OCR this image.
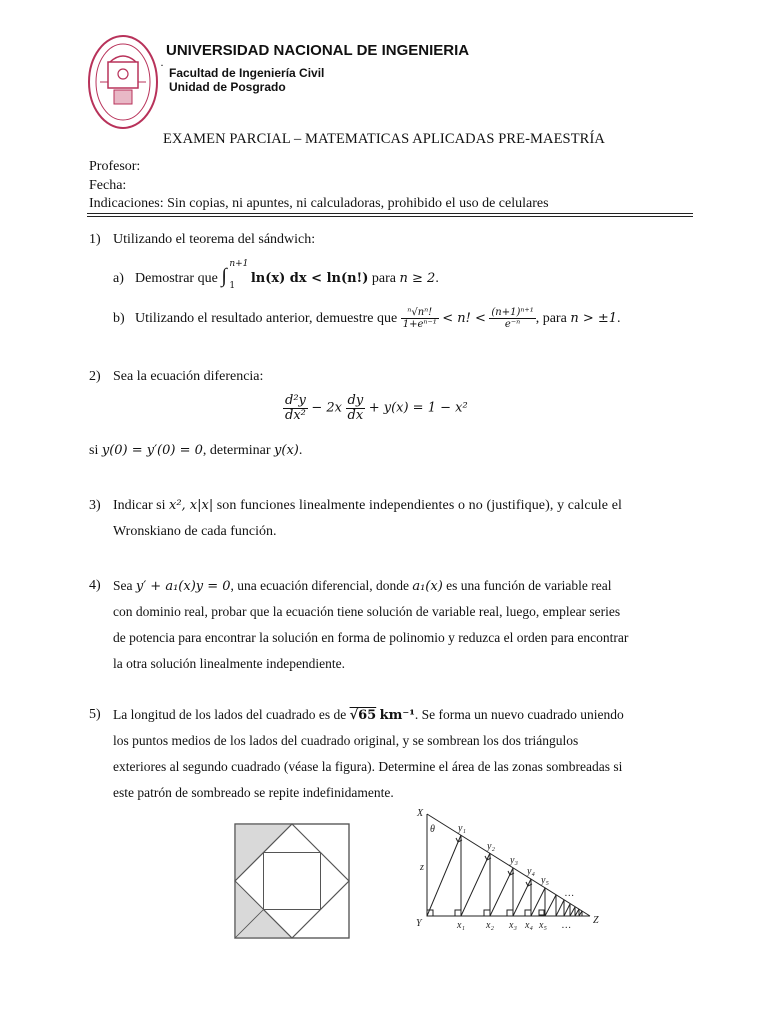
UNIVERSIDAD NACIONAL DE INGENIERIA
·
Facultad de Ingeniería Civil
Unidad de Posgrado
EXAMEN PARCIAL – MATEMATICAS APLICADAS PRE-MAESTRÍA
Profesor:
Fecha:
Indicaciones: Sin copias, ni apuntes, ni calculadoras, prohibido el uso de celulares
1) Utilizando el teorema del sándwich:
a) Demostrar que ∫
n+1
1 ln(x) dx < ln(n!) para n ≥ 2.
b) Utilizando el resultado anterior, demuestre que $\frac{\text{ⁿ√nⁿ!}}{\text{1+eⁿ⁻¹}} < n$! < $\frac{\text{(n+1)ⁿ⁺¹}}{\text{e⁻ⁿ}}$ , para n > ±1.
2) Sea la ecuación diferencia:
$\frac{\text{d²y}}{\text{dx²}} - 2x \frac{dy}{dx} + y(x) = 1 - x^2$
si y(0) = y′(0) = 0, determinar y(x).
3) Indicar si x², x|x| son funciones linealmente independientes o no (justifique), y calcule el
Wronskiano de cada función.
4) Sea y′ + a₁(x)y = 0, una ecuación diferencial, donde a₁(x) es una función de variable real
con dominio real, probar que la ecuación tiene solución de variable real, luego, emplear series
de potencia para encontrar la solución en forma de polinomio y reduzca el orden para encontrar
la otra solución linealmente independiente.
5) La longitud de los lados del cuadrado es de √65 km⁻¹. Se forma un nuevo cuadrado uniendo
los puntos medios de los lados del cuadrado original, y se sombrean los dos triángulos
exteriores al segundo cuadrado (véase la figura). Determine el área de las zonas sombreadas si
este patrón de sombreado se repite indefinidamente.
X
θ
z
Y	Z
y₁
y₂
y₃
y₄
y₅
…
x₁ x₂ x₃ x₄ x₅ …
